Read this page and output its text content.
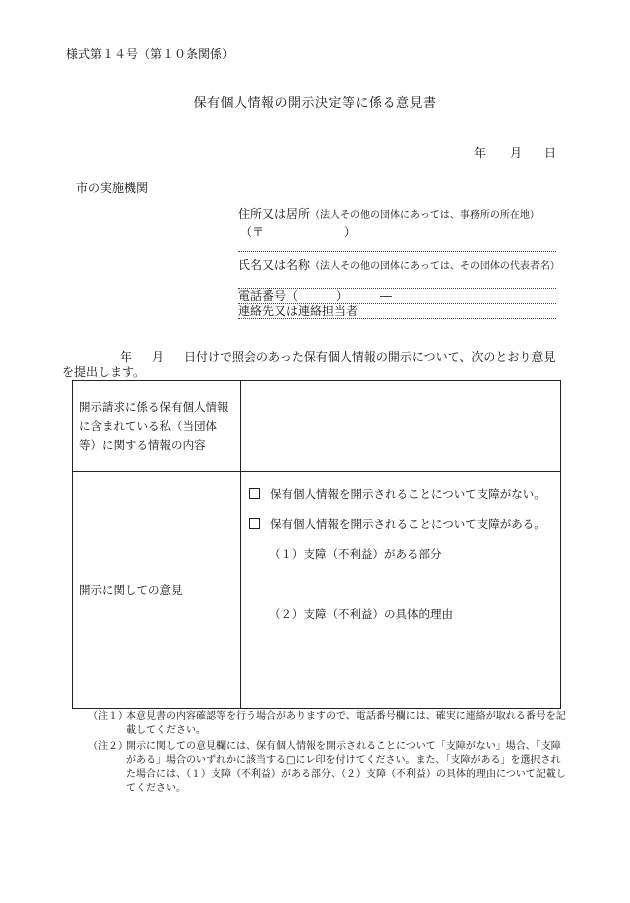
様式第１４号（第１０条関係）
保有個人情報の開示決定等に係る意見書
年 月 日
市の実施機関
住所又は居所（法人その他の団体にあっては、事務所の所在地）
（〒	）
氏名又は名称（法人その他の団体にあっては、その団体の代表者名）
電話番号（	）	―
連絡先又は連絡担当者
年 月 日付けで照会のあった保有個人情報の開示について、次のとおり意見を提出します。
開示請求に係る保有個人情報に含まれている私（当団体等）に関する情報の内容	
開示に関しての意見	保有個人情報を開示されることについて支障がない。
保有個人情報を開示されることについて支障がある。
（１）支障（不利益）がある部分
（２）支障（不利益）の具体的理由
（注１）
本意見書の内容確認等を行う場合がありますので、電話番号欄には、確実に連絡が取れる番号を記載してください。
（注２）
開示に関しての意見欄には、保有個人情報を開示されることについて「支障がない」場合、「支障がある」場合のいずれかに該当する□にレ印を付けてください。また、「支障がある」を選択された場合には、（１）支障（不利益）がある部分、（２）支障（不利益）の具体的理由について記載してください。
